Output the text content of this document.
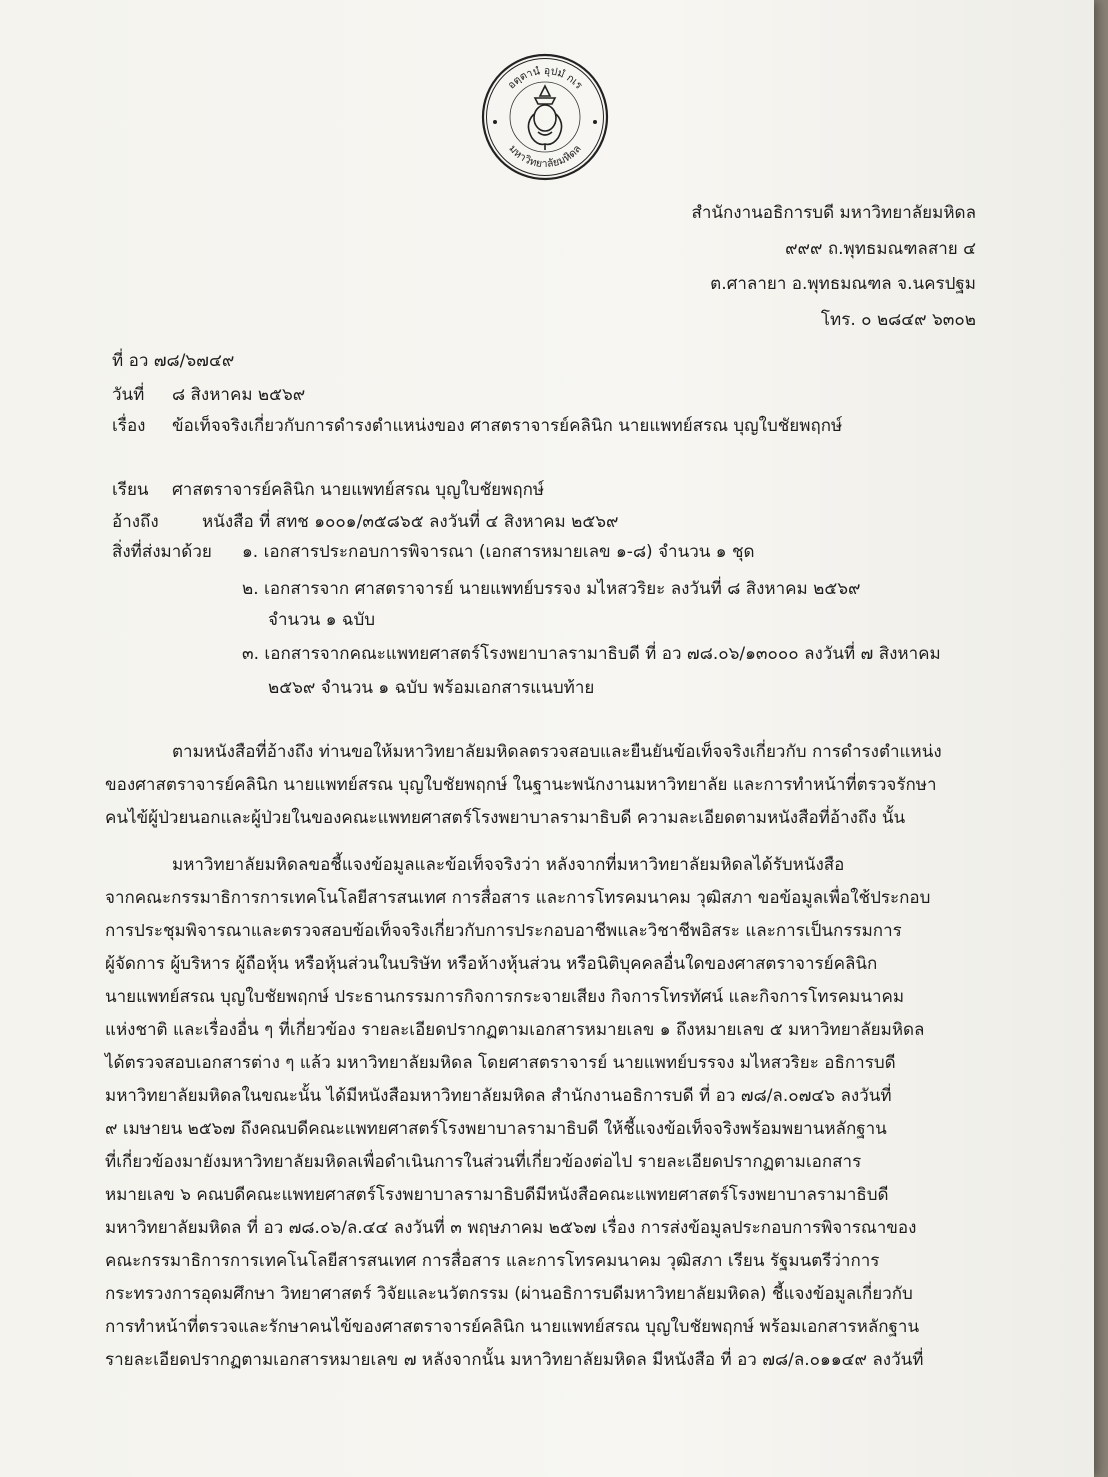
อตฺตานํ อุปมํ กเร
มหาวิทยาลัยมหิดล
สำนักงานอธิการบดี มหาวิทยาลัยมหิดล
๙๙๙ ถ.พุทธมณฑลสาย ๔
ต.ศาลายา อ.พุทธมณฑล จ.นครปฐม
โทร. ๐ ๒๘๔๙ ๖๓๐๒
ที่ อว ๗๘/๖๗๔๙
วันที่ ๘ สิงหาคม ๒๕๖๙
เรื่อง ข้อเท็จจริงเกี่ยวกับการดำรงตำแหน่งของ ศาสตราจารย์คลินิก นายแพทย์สรณ บุญใบชัยพฤกษ์
เรียน ศาสตราจารย์คลินิก นายแพทย์สรณ บุญใบชัยพฤกษ์
อ้างถึง	หนังสือ ที่ สทช ๑๐๐๑/๓๕๘๖๕ ลงวันที่ ๔ สิงหาคม ๒๕๖๙
สิ่งที่ส่งมาด้วย ๑. เอกสารประกอบการพิจารณา (เอกสารหมายเลข ๑-๘) จำนวน ๑ ชุด
๒. เอกสารจาก ศาสตราจารย์ นายแพทย์บรรจง มไหสวริยะ ลงวันที่ ๘ สิงหาคม ๒๕๖๙
จำนวน ๑ ฉบับ
๓. เอกสารจากคณะแพทยศาสตร์โรงพยาบาลรามาธิบดี ที่ อว ๗๘.๐๖/๑๓๐๐๐ ลงวันที่ ๗ สิงหาคม
๒๕๖๙ จำนวน ๑ ฉบับ พร้อมเอกสารแนบท้าย
ตามหนังสือที่อ้างถึง ท่านขอให้มหาวิทยาลัยมหิดลตรวจสอบและยืนยันข้อเท็จจริงเกี่ยวกับ การดำรงตำแหน่ง
ของศาสตราจารย์คลินิก นายแพทย์สรณ บุญใบชัยพฤกษ์ ในฐานะพนักงานมหาวิทยาลัย และการทำหน้าที่ตรวจรักษา
คนไข้ผู้ป่วยนอกและผู้ป่วยในของคณะแพทยศาสตร์โรงพยาบาลรามาธิบดี ความละเอียดตามหนังสือที่อ้างถึง นั้น
มหาวิทยาลัยมหิดลขอชี้แจงข้อมูลและข้อเท็จจริงว่า หลังจากที่มหาวิทยาลัยมหิดลได้รับหนังสือ
จากคณะกรรมาธิการการเทคโนโลยีสารสนเทศ การสื่อสาร และการโทรคมนาคม วุฒิสภา ขอข้อมูลเพื่อใช้ประกอบ
การประชุมพิจารณาและตรวจสอบข้อเท็จจริงเกี่ยวกับการประกอบอาชีพและวิชาชีพอิสระ และการเป็นกรรมการ
ผู้จัดการ ผู้บริหาร ผู้ถือหุ้น หรือหุ้นส่วนในบริษัท หรือห้างหุ้นส่วน หรือนิติบุคคลอื่นใดของศาสตราจารย์คลินิก
นายแพทย์สรณ บุญใบชัยพฤกษ์ ประธานกรรมการกิจการกระจายเสียง กิจการโทรทัศน์ และกิจการโทรคมนาคม
แห่งชาติ และเรื่องอื่น ๆ ที่เกี่ยวข้อง รายละเอียดปรากฏตามเอกสารหมายเลข ๑ ถึงหมายเลข ๕ มหาวิทยาลัยมหิดล
ได้ตรวจสอบเอกสารต่าง ๆ แล้ว มหาวิทยาลัยมหิดล โดยศาสตราจารย์ นายแพทย์บรรจง มไหสวริยะ อธิการบดี
มหาวิทยาลัยมหิดลในขณะนั้น ได้มีหนังสือมหาวิทยาลัยมหิดล สำนักงานอธิการบดี ที่ อว ๗๘/ล.๐๗๔๖ ลงวันที่
๙ เมษายน ๒๕๖๗ ถึงคณบดีคณะแพทยศาสตร์โรงพยาบาลรามาธิบดี ให้ชี้แจงข้อเท็จจริงพร้อมพยานหลักฐาน
ที่เกี่ยวข้องมายังมหาวิทยาลัยมหิดลเพื่อดำเนินการในส่วนที่เกี่ยวข้องต่อไป รายละเอียดปรากฏตามเอกสาร
หมายเลข ๖ คณบดีคณะแพทยศาสตร์โรงพยาบาลรามาธิบดีมีหนังสือคณะแพทยศาสตร์โรงพยาบาลรามาธิบดี
มหาวิทยาลัยมหิดล ที่ อว ๗๘.๐๖/ล.๔๔ ลงวันที่ ๓ พฤษภาคม ๒๕๖๗ เรื่อง การส่งข้อมูลประกอบการพิจารณาของ
คณะกรรมาธิการการเทคโนโลยีสารสนเทศ การสื่อสาร และการโทรคมนาคม วุฒิสภา เรียน รัฐมนตรีว่าการ
กระทรวงการอุดมศึกษา วิทยาศาสตร์ วิจัยและนวัตกรรม (ผ่านอธิการบดีมหาวิทยาลัยมหิดล) ชี้แจงข้อมูลเกี่ยวกับ
การทำหน้าที่ตรวจและรักษาคนไข้ของศาสตราจารย์คลินิก นายแพทย์สรณ บุญใบชัยพฤกษ์ พร้อมเอกสารหลักฐาน
รายละเอียดปรากฏตามเอกสารหมายเลข ๗ หลังจากนั้น มหาวิทยาลัยมหิดล มีหนังสือ ที่ อว ๗๘/ล.๐๑๑๔๙ ลงวันที่
